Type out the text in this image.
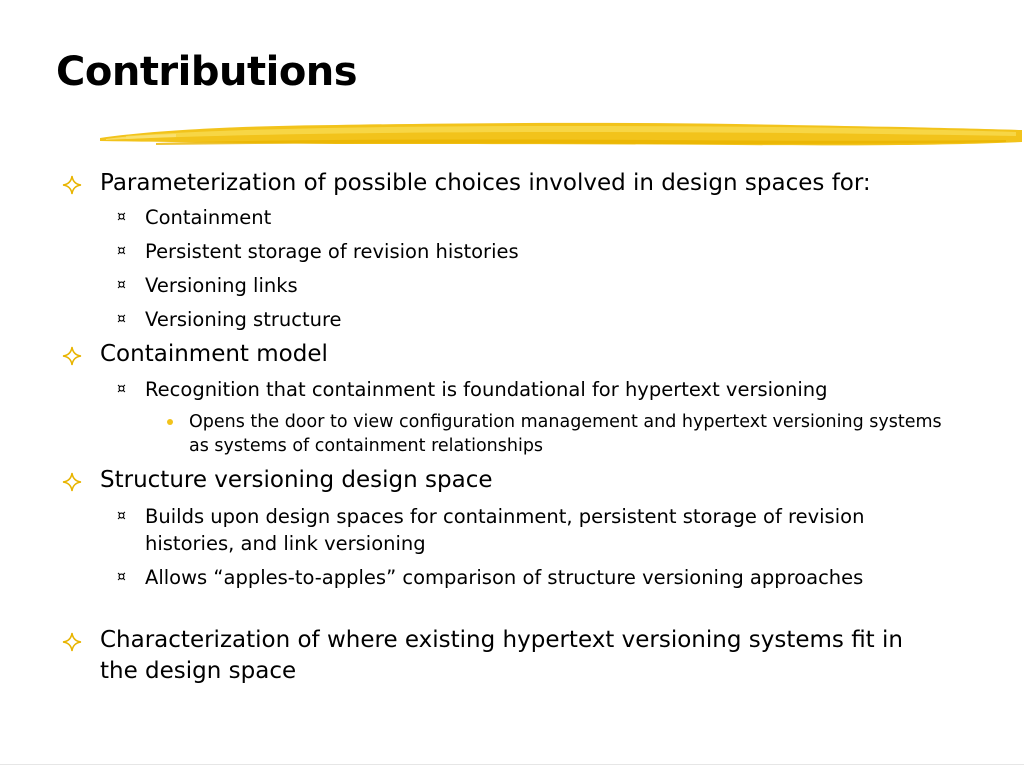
Contributions
Parameterization of possible choices involved in design spaces for:
¤ Containment
¤ Persistent storage of revision histories
¤ Versioning links
¤ Versioning structure
Containment model
¤ Recognition that containment is foundational for hypertext versioning
Opens the door to view configuration management and hypertext versioning systems as systems of containment relationships
Structure versioning design space
¤ Builds upon design spaces for containment, persistent storage of revision histories, and link versioning
¤ Allows “apples-to-apples” comparison of structure versioning approaches
Characterization of where existing hypertext versioning systems fit in the design space
